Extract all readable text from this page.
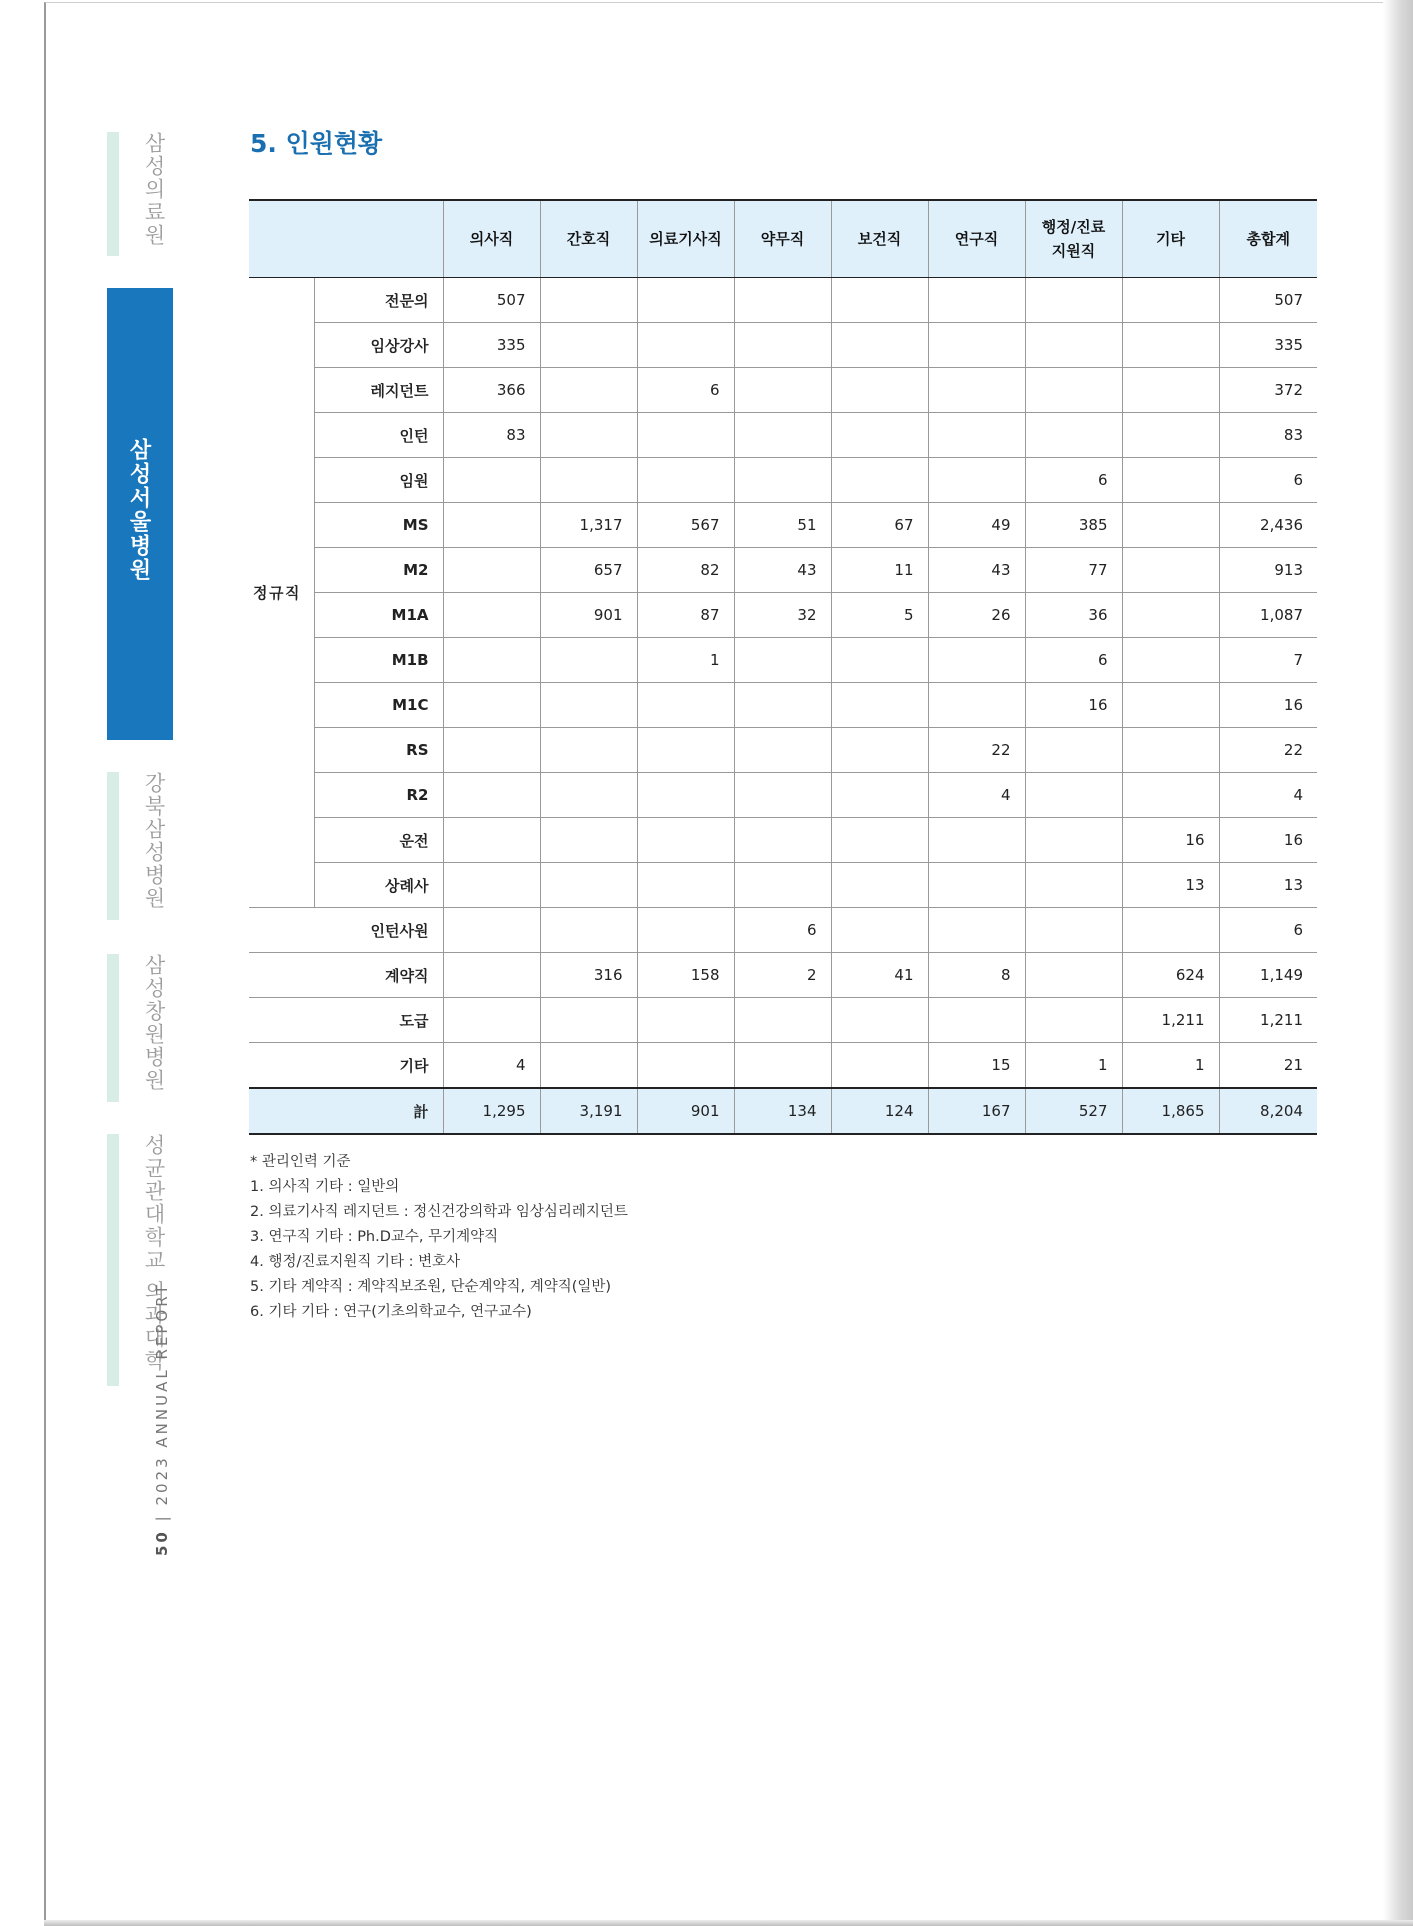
삼성의료원
삼성서울병원
강북삼성병원
삼성창원병원
성균관대학교 의과대학
50 | 2023 ANNUAL REPORT
5. 인원현황
		의사직	간호직	의료기사직	약무직	보건직	연구직	행정/진료 지원직	기타	총합계
정 규 직	전문의	507								507
	임상강사	335								335
	레지던트	366		6						372
	인턴	83								83
	임원							6		6
	MS		1,317	567	51	67	49	385		2,436
	M2		657	82	43	11	43	77		913
	M1A		901	87	32	5	26	36		1,087
	M1B			1				6		7
	M1C							16		16
	RS						22			22
	R2						4			4
	운전								16	16
	상례사								13	13
인턴사원					6					6
계약직			316	158	2	41	8		624	1,149
도급									1,211	1,211
기타		4					15	1	1	21
計		1,295	3,191	901	134	124	167	527	1,865	8,204
* 관리인력 기준
1. 의사직 기타 : 일반의
2. 의료기사직 레지던트 : 정신건강의학과 임상심리레지던트
3. 연구직 기타 : Ph.D교수, 무기계약직
4. 행정/진료지원직 기타 : 변호사
5. 기타 계약직 : 계약직보조원, 단순계약직, 계약직(일반)
6. 기타 기타 : 연구(기초의학교수, 연구교수)
